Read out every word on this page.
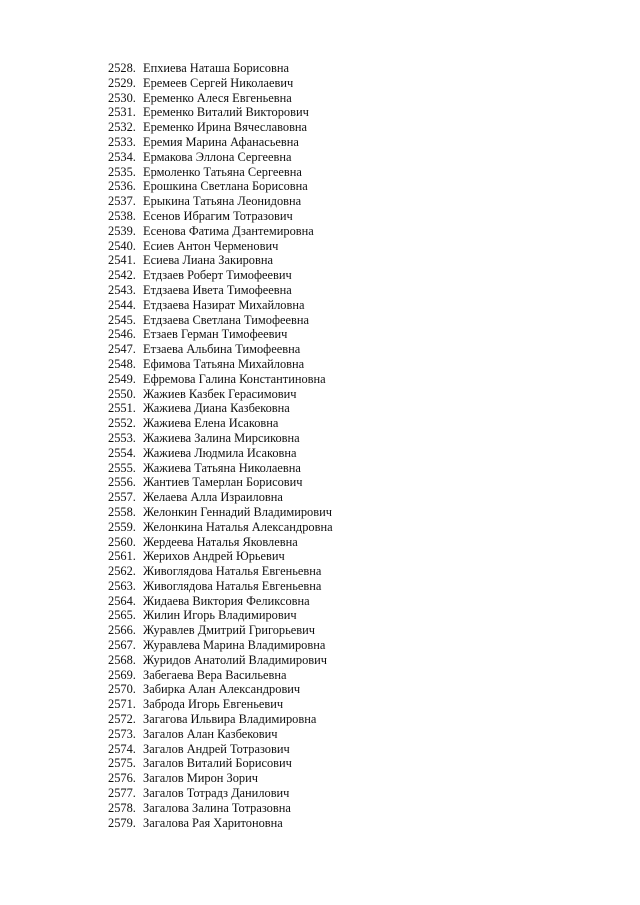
2528. Епхиева Наташа Борисовна
2529. Еремеев Сергей Николаевич
2530. Еременко Алеся Евгеньевна
2531. Еременко Виталий Викторович
2532. Еременко Ирина Вячеславовна
2533. Еремия Марина Афанасьевна
2534. Ермакова Эллона Сергеевна
2535. Ермоленко Татьяна Сергеевна
2536. Ерошкина Светлана Борисовна
2537. Ерыкина Татьяна Леонидовна
2538. Есенов Ибрагим Тотразович
2539. Есенова Фатима Дзантемировна
2540. Есиев Антон Черменович
2541. Есиева Лиана Закировна
2542. Етдзаев Роберт Тимофеевич
2543. Етдзаева Ивета Тимофеевна
2544. Етдзаева Назират Михайловна
2545. Етдзаева Светлана Тимофеевна
2546. Етзаев Герман Тимофеевич
2547. Етзаева Альбина Тимофеевна
2548. Ефимова Татьяна Михайловна
2549. Ефремова Галина Константиновна
2550. Жажиев Казбек Герасимович
2551. Жажиева Диана Казбековна
2552. Жажиева Елена Исаковна
2553. Жажиева Залина Мирсиковна
2554. Жажиева Людмила Исаковна
2555. Жажиева Татьяна Николаевна
2556. Жантиев Тамерлан Борисович
2557. Желаева Алла Израиловна
2558. Желонкин Геннадий Владимирович
2559. Желонкина Наталья Александровна
2560. Жердеева Наталья Яковлевна
2561. Жерихов Андрей Юрьевич
2562. Живоглядова Наталья Евгеньевна
2563. Живоглядова Наталья Евгеньевна
2564. Жидаева Виктория Феликсовна
2565. Жилин Игорь Владимирович
2566. Журавлев Дмитрий Григорьевич
2567. Журавлева Марина Владимировна
2568. Журидов Анатолий Владимирович
2569. Забегаева Вера Васильевна
2570. Забирка Алан Александрович
2571. Заброда Игорь Евгеньевич
2572. Загагова Ильвира Владимировна
2573. Загалов Алан Казбекович
2574. Загалов Андрей Тотразович
2575. Загалов Виталий Борисович
2576. Загалов Мирон Зорич
2577. Загалов Тотрадз Данилович
2578. Загалова Залина Тотразовна
2579. Загалова Рая Харитоновна
